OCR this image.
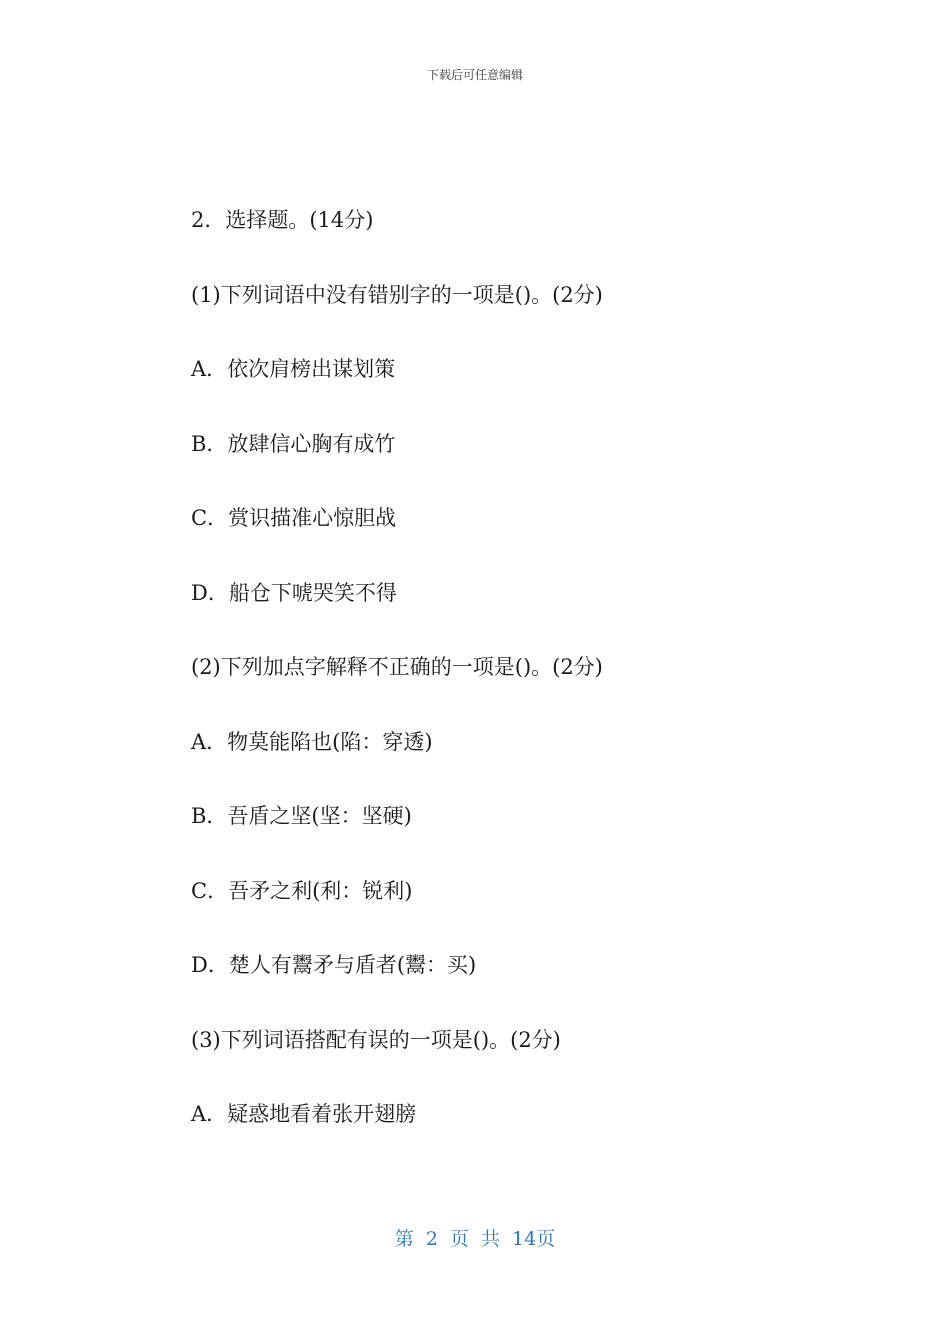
下载后可任意编辑
2．选择题。(14分)
(1)下列词语中没有错别字的一项是()。(2分)
A．依次肩榜出谋划策
B．放肆信心胸有成竹
C．赏识描准心惊胆战
D．船仓下唬哭笑不得
(2)下列加点字解释不正确的一项是()。(2分)
A．物莫能陷也(陷：穿透)
B．吾盾之坚(坚：坚硬)
C．吾矛之利(利：锐利)
D．楚人有鬻矛与盾者(鬻：买)
(3)下列词语搭配有误的一项是()。(2分)
A．疑惑地看着张开翅膀
第 2 页 共 14页
